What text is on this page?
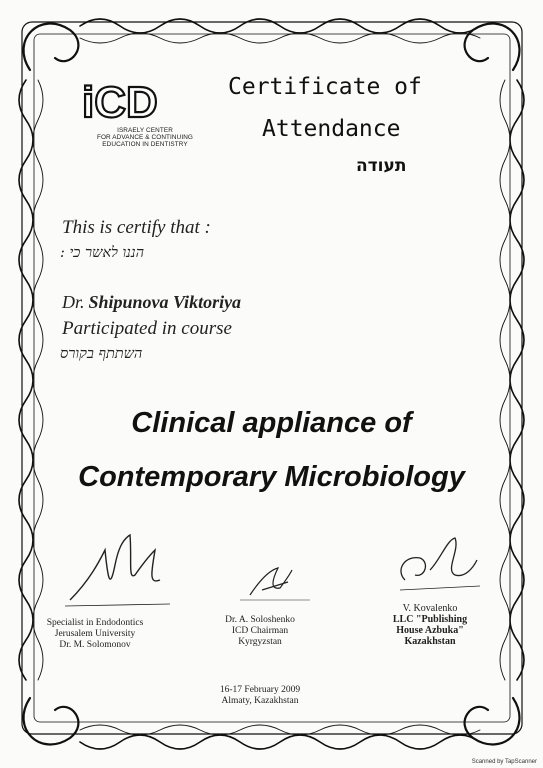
iCD
ISRAELY CENTER
FOR ADVANCE & CONTINUING
EDUCATION IN DENTISTRY
Certificate of
Attendance
תעודה
This is certify that :
הננו לאשר כי :
Dr. Shipunova Viktoriya
Participated in course
השתתף בקורס
Clinical appliance of
Contemporary Microbiology
Specialist in Endodontics
Jerusalem University
Dr. M. Solomonov
Dr. A. Soloshenko
ICD Chairman
Kyrgyzstan
V. Kovalenko
LLC "Publishing
House Azbuka"
Kazakhstan
16-17 February 2009
Almaty, Kazakhstan
Scanned by TapScanner
